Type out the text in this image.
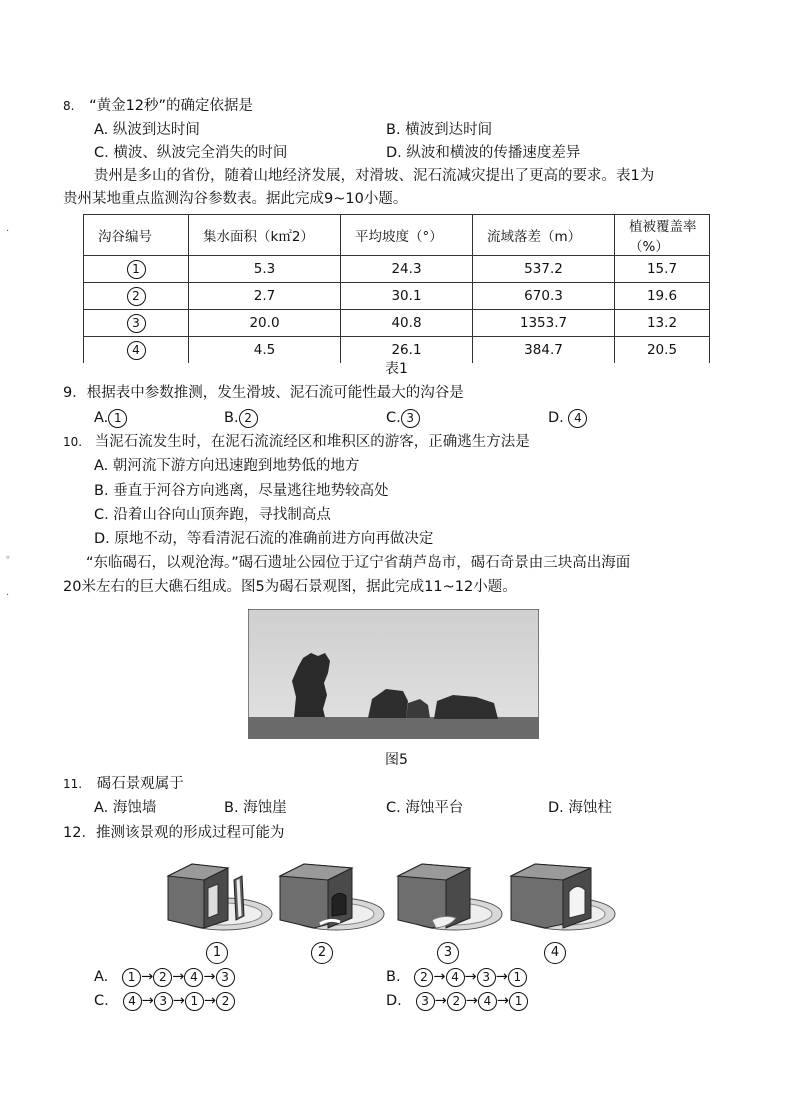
·
。
·
8. “黄金12秒”的确定依据是
A. 纵波到达时间	B. 横波到达时间
C. 横波、纵波完全消失的时间	D. 纵波和横波的传播速度差异
贵州是多山的省份，随着山地经济发展，对滑坡、泥石流减灾提出了更高的要求。表1为
贵州某地重点监测沟谷参数表。据此完成9~10小题。
沟谷编号	集水面积（k㎡2）	平均坡度（°）	流域落差（m）	植被覆盖率（%）
1	5.3	24.3	537.2	15.7
2	2.7	30.1	670.3	19.6
3	20.0	40.8	1353.7	13.2
4	4.5	26.1	384.7	20.5
表1
9．根据表中参数推测，发生滑坡、泥石流可能性最大的沟谷是
A. 1	B. 2	C. 3	D. 4
10. 当泥石流发生时，在泥石流流经区和堆积区的游客，正确逃生方法是
A. 朝河流下游方向迅速跑到地势低的地方
B. 垂直于河谷方向逃离，尽量逃往地势较高处
C. 沿着山谷向山顶奔跑，寻找制高点
D. 原地不动，等看清泥石流的准确前进方向再做决定
“东临碣石，以观沧海。”碣石遗址公园位于辽宁省葫芦岛市，碣石奇景由三块高出海面
20米左右的巨大礁石组成。图5为碣石景观图，据此完成11~12小题。
图5
11. 碣石景观属于
A. 海蚀墙	B. 海蚀崖	C. 海蚀平台	D. 海蚀柱
12．推测该景观的形成过程可能为
1	2	3	4
A. 1 → 2 → 4 → 3	B. 2 → 4 → 3 → 1
C. 4 → 3 → 1 → 2	D. 3 → 2 → 4 → 1
